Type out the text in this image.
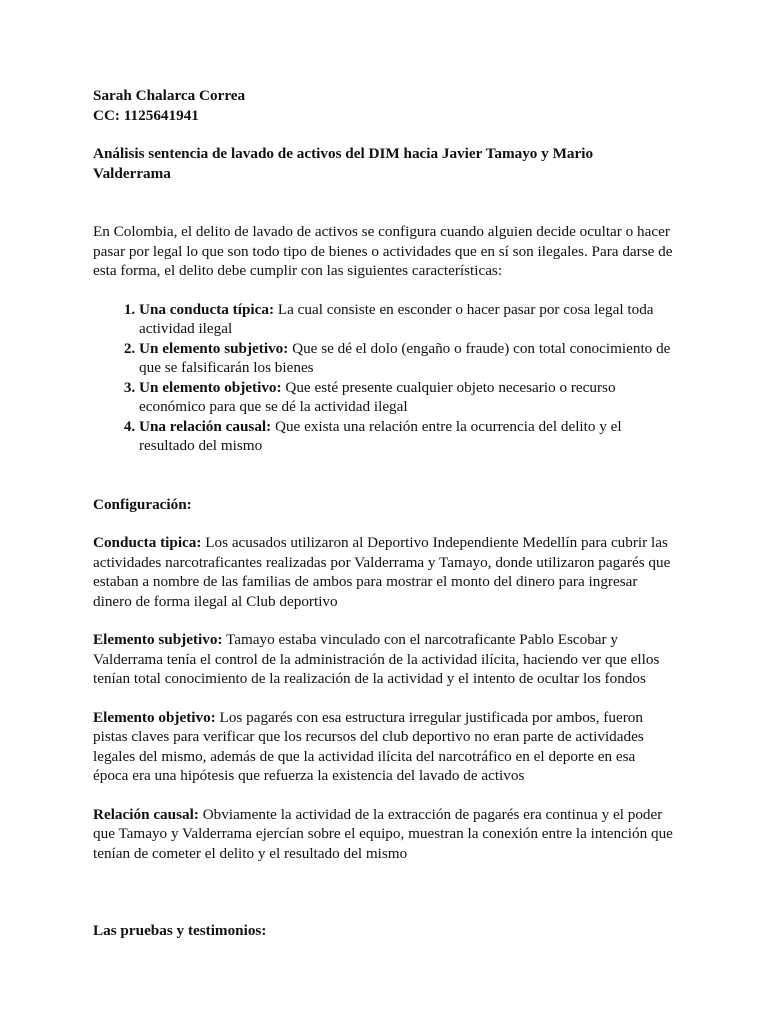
Sarah Chalarca Correa

CC: 1125641941

Análisis sentencia de lavado de activos del DIM hacia Javier Tamayo y Mario Valderrama

En Colombia, el delito de lavado de activos se configura cuando alguien decide ocultar o hacer pasar por legal lo que son todo tipo de bienes o actividades que en sí son ilegales. Para darse de esta forma, el delito debe cumplir con las siguientes características:

1. Una conducta típica: La cual consiste en esconder o hacer pasar por cosa legal toda actividad ilegal
2. Un elemento subjetivo: Que se dé el dolo (engaño o fraude) con total conocimiento de que se falsificarán los bienes
3. Un elemento objetivo: Que esté presente cualquier objeto necesario o recurso económico para que se dé la actividad ilegal
4. Una relación causal: Que exista una relación entre la ocurrencia del delito y el resultado del mismo

Configuración:

Conducta tipica: Los acusados utilizaron al Deportivo Independiente Medellín para cubrir las actividades narcotraficantes realizadas por Valderrama y Tamayo, donde utilizaron pagarés que estaban a nombre de las familias de ambos para mostrar el monto del dinero para ingresar dinero de forma ilegal al Club deportivo

Elemento subjetivo: Tamayo estaba vinculado con el narcotraficante Pablo Escobar y Valderrama tenía el control de la administración de la actividad ilícita, haciendo ver que ellos tenían total conocimiento de la realización de la actividad y el intento de ocultar los fondos

Elemento objetivo: Los pagarés con esa estructura irregular justificada por ambos, fueron pistas claves para verificar que los recursos del club deportivo no eran parte de actividades legales del mismo, además de que la actividad ilícita del narcotráfico en el deporte en esa época era una hipótesis que refuerza la existencia del lavado de activos

Relación causal: Obviamente la actividad de la extracción de pagarés era continua y el poder que Tamayo y Valderrama ejercían sobre el equipo, muestran la conexión entre la intención que tenían de cometer el delito y el resultado del mismo

Las pruebas y testimonios:
